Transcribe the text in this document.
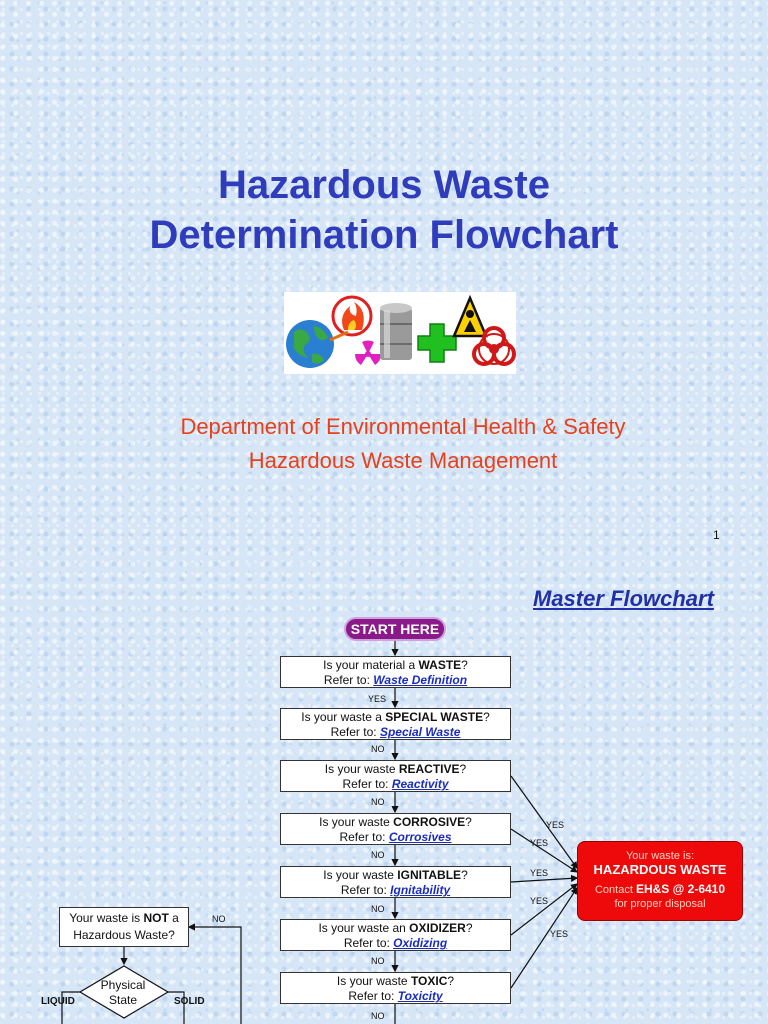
Hazardous Waste
Determination Flowchart
Department of Environmental Health & Safety
Hazardous Waste Management
1
Master Flowchart
START HERE
Is your material a WASTE?
Refer to: Waste Definition
Is your waste a SPECIAL WASTE?
Refer to: Special Waste
Is your waste REACTIVE?
Refer to: Reactivity
Is your waste CORROSIVE?
Refer to: Corrosives
Is your waste IGNITABLE?
Refer to: Ignitability
Is your waste an OXIDIZER?
Refer to: Oxidizing
Is your waste TOXIC?
Refer to: Toxicity
YES
NO
NO
NO
NO
NO
NO
YES
YES
YES
YES
YES
Your waste is:
HAZARDOUS WASTE
Contact EH&S @ 2-6410
for proper disposal
Your waste is NOT a
Hazardous Waste?
NO
Physical
State
LIQUID	SOLID
